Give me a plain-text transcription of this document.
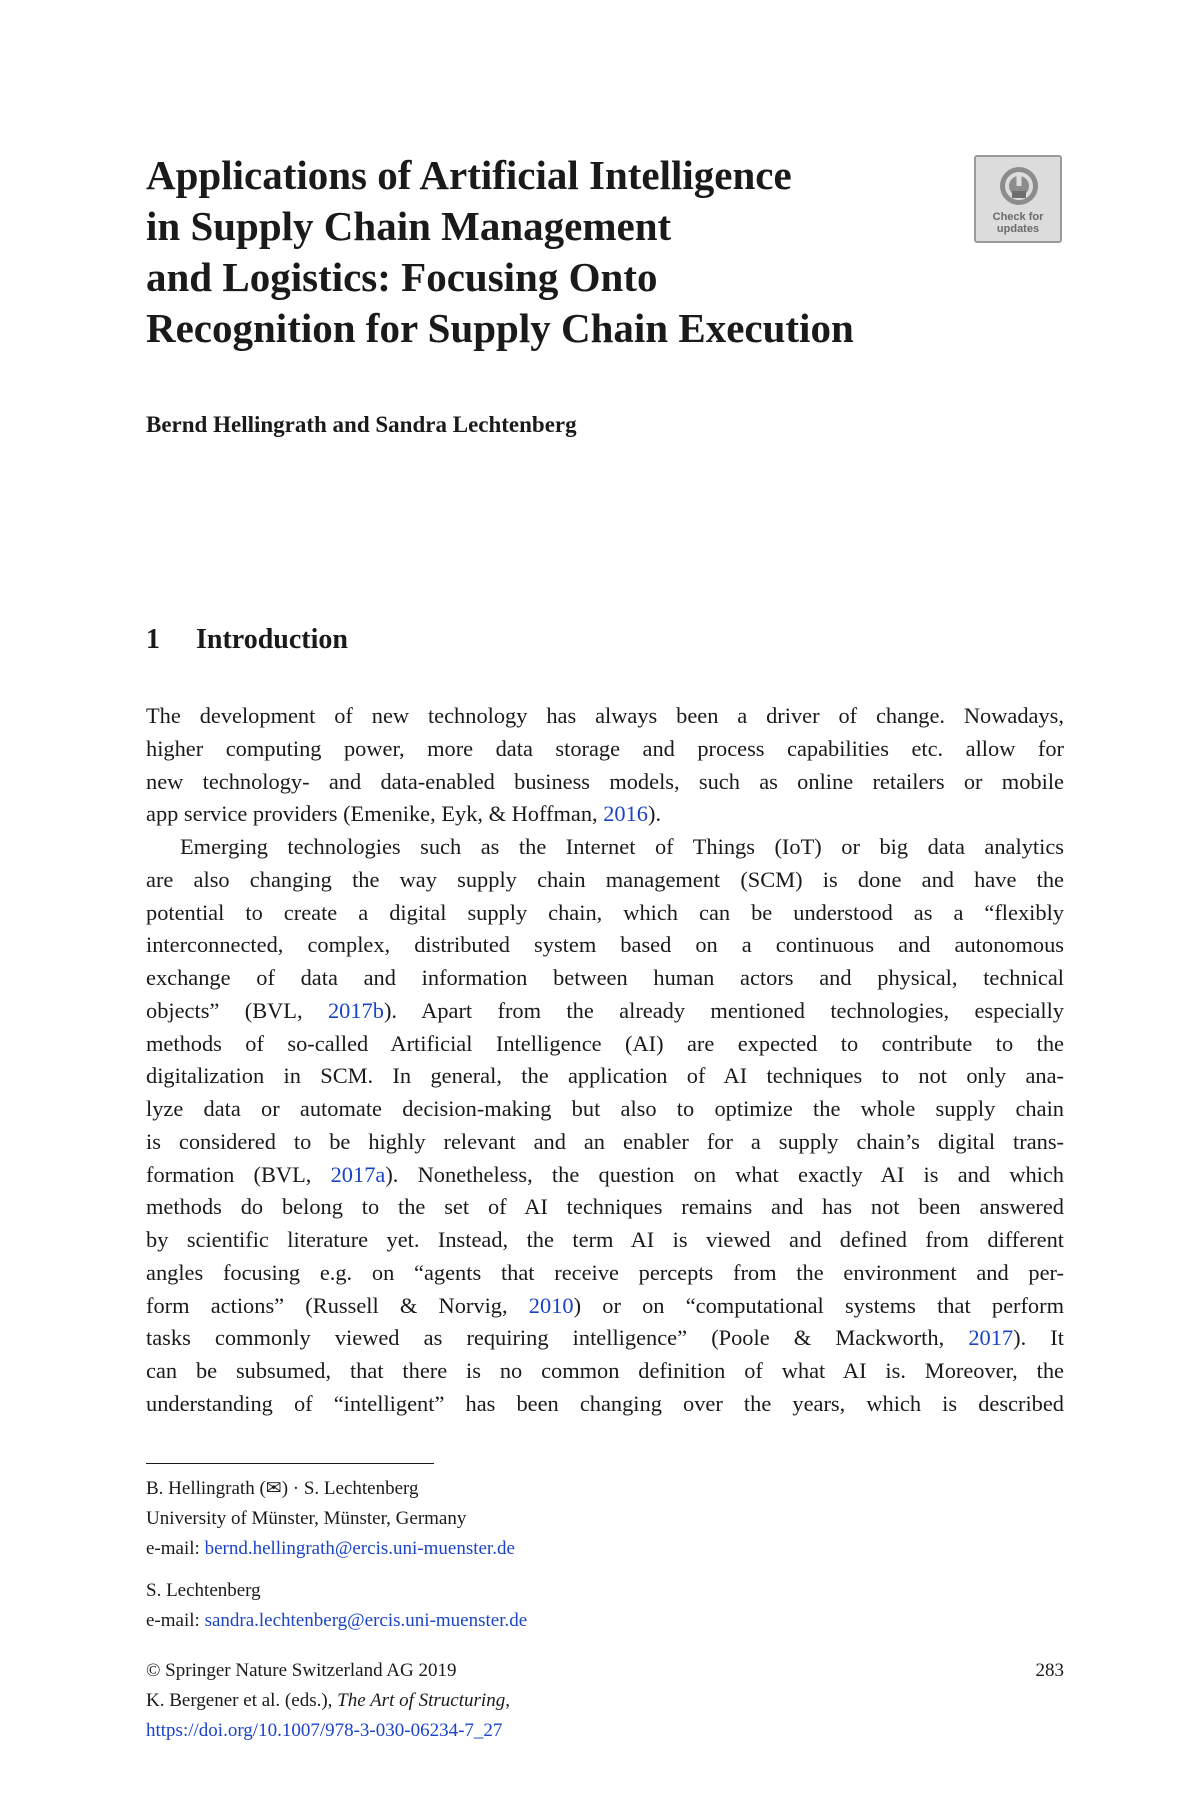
Applications of Artificial Intelligence
in Supply Chain Management
and Logistics: Focusing Onto
Recognition for Supply Chain Execution
Check for
updates

Bernd Hellingrath and Sandra Lechtenberg

1 Introduction
The development of new technology has always been a driver of change. Nowadays,
higher computing power, more data storage and process capabilities etc. allow for
new technology- and data-enabled business models, such as online retailers or mobile
app service providers (Emenike, Eyk, & Hoffman, 2016).
Emerging technologies such as the Internet of Things (IoT) or big data analytics
are also changing the way supply chain management (SCM) is done and have the
potential to create a digital supply chain, which can be understood as a “flexibly
interconnected, complex, distributed system based on a continuous and autonomous
exchange of data and information between human actors and physical, technical
objects” (BVL, 2017b). Apart from the already mentioned technologies, especially
methods of so-called Artificial Intelligence (AI) are expected to contribute to the
digitalization in SCM. In general, the application of AI techniques to not only ana-
lyze data or automate decision-making but also to optimize the whole supply chain
is considered to be highly relevant and an enabler for a supply chain’s digital trans-
formation (BVL, 2017a). Nonetheless, the question on what exactly AI is and which
methods do belong to the set of AI techniques remains and has not been answered
by scientific literature yet. Instead, the term AI is viewed and defined from different
angles focusing e.g. on “agents that receive percepts from the environment and per-
form actions” (Russell & Norvig, 2010) or on “computational systems that perform
tasks commonly viewed as requiring intelligence” (Poole & Mackworth, 2017). It
can be subsumed, that there is no common definition of what AI is. Moreover, the
understanding of “intelligent” has been changing over the years, which is described
B. Hellingrath (✉) · S. Lechtenberg
University of Münster, Münster, Germany
e-mail: bernd.hellingrath@ercis.uni-muenster.de
S. Lechtenberg
e-mail: sandra.lechtenberg@ercis.uni-muenster.de
© Springer Nature Switzerland AG 2019
K. Bergener et al. (eds.), The Art of Structuring,
https://doi.org/10.1007/978-3-030-06234-7_27
283
